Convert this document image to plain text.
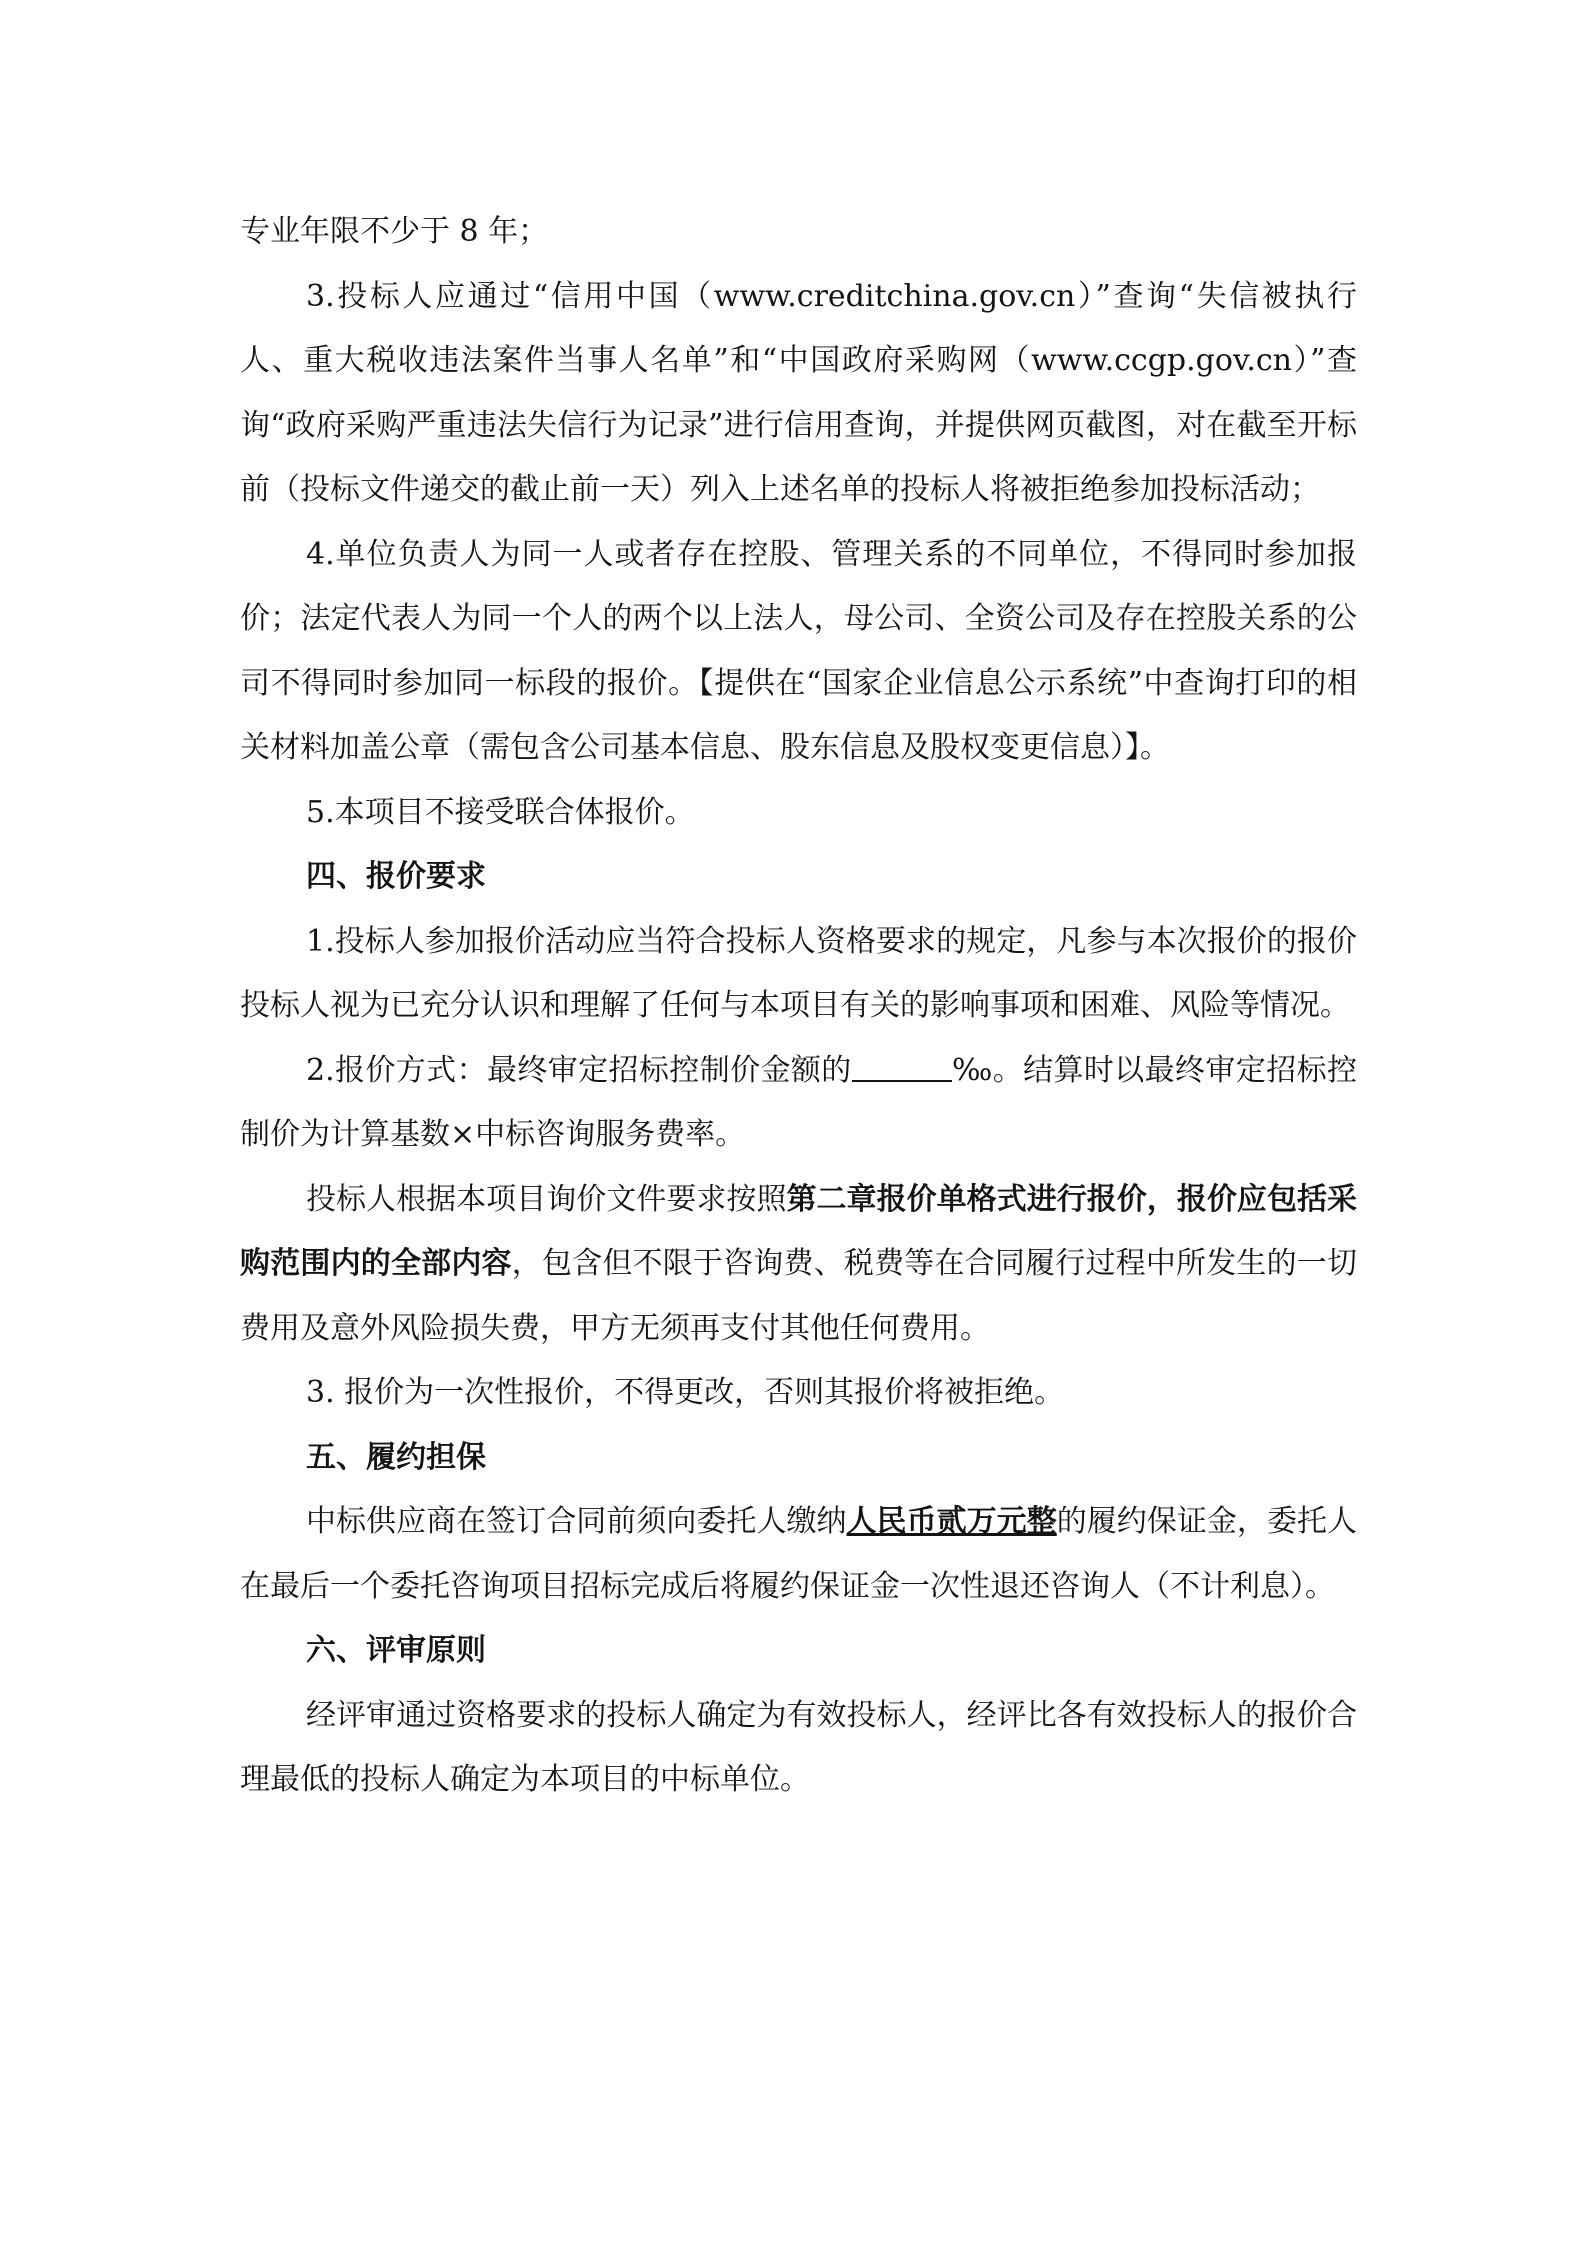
专业年限不少于 8 年；

3.投标人应通过“信用中国（www.creditchina.gov.cn）”查询“失信被执行人、重大税收违法案件当事人名单”和“中国政府采购网（www.ccgp.gov.cn）”查询“政府采购严重违法失信行为记录”进行信用查询，并提供网页截图，对在截至开标前（投标文件递交的截止前一天）列入上述名单的投标人将被拒绝参加投标活动；

4.单位负责人为同一人或者存在控股、管理关系的不同单位，不得同时参加报价；法定代表人为同一个人的两个以上法人，母公司、全资公司及存在控股关系的公司不得同时参加同一标段的报价。【提供在“国家企业信息公示系统”中查询打印的相关材料加盖公章（需包含公司基本信息、股东信息及股权变更信息）】。

5.本项目不接受联合体报价。

四、报价要求

1.投标人参加报价活动应当符合投标人资格要求的规定，凡参与本次报价的报价投标人视为已充分认识和理解了任何与本项目有关的影响事项和困难、风险等情况。

2.报价方式：最终审定招标控制价金额的	‰。结算时以最终审定招标控制价为计算基数×中标咨询服务费率。

投标人根据本项目询价文件要求按照第二章报价单格式进行报价，报价应包括采购范围内的全部内容，包含但不限于咨询费、税费等在合同履行过程中所发生的一切费用及意外风险损失费，甲方无须再支付其他任何费用。

3. 报价为一次性报价，不得更改，否则其报价将被拒绝。

五、履约担保

中标供应商在签订合同前须向委托人缴纳人民币贰万元整的履约保证金，委托人在最后一个委托咨询项目招标完成后将履约保证金一次性退还咨询人（不计利息）。

六、评审原则

经评审通过资格要求的投标人确定为有效投标人，经评比各有效投标人的报价合理最低的投标人确定为本项目的中标单位。
